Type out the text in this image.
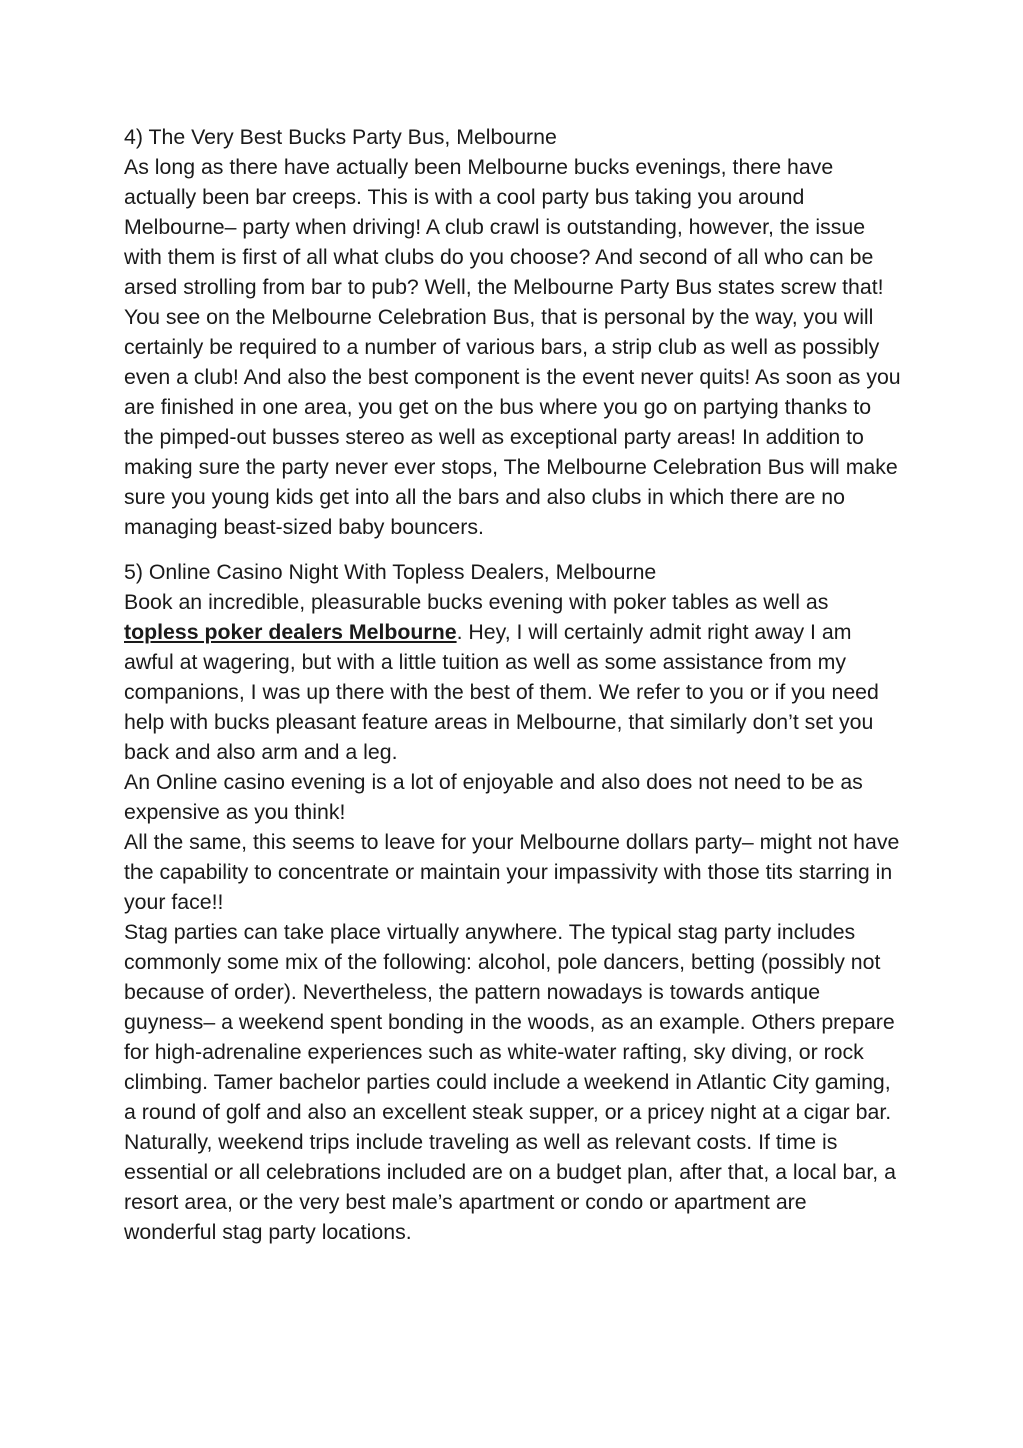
4) The Very Best Bucks Party Bus, Melbourne

As long as there have actually been Melbourne bucks evenings, there have actually been bar creeps. This is with a cool party bus taking you around Melbourne– party when driving! A club crawl is outstanding, however, the issue with them is first of all what clubs do you choose? And second of all who can be arsed strolling from bar to pub? Well, the Melbourne Party Bus states screw that! You see on the Melbourne Celebration Bus, that is personal by the way, you will certainly be required to a number of various bars, a strip club as well as possibly even a club! And also the best component is the event never quits! As soon as you are finished in one area, you get on the bus where you go on partying thanks to the pimped-out busses stereo as well as exceptional party areas! In addition to making sure the party never ever stops, The Melbourne Celebration Bus will make sure you young kids get into all the bars and also clubs in which there are no managing beast-sized baby bouncers.

5) Online Casino Night With Topless Dealers, Melbourne

Book an incredible, pleasurable bucks evening with poker tables as well as topless poker dealers Melbourne. Hey, I will certainly admit right away I am awful at wagering, but with a little tuition as well as some assistance from my companions, I was up there with the best of them. We refer to you or if you need help with bucks pleasant feature areas in Melbourne, that similarly don’t set you back and also arm and a leg.

An Online casino evening is a lot of enjoyable and also does not need to be as expensive as you think!

All the same, this seems to leave for your Melbourne dollars party– might not have the capability to concentrate or maintain your impassivity with those tits starring in your face!!

Stag parties can take place virtually anywhere. The typical stag party includes commonly some mix of the following: alcohol, pole dancers, betting (possibly not because of order). Nevertheless, the pattern nowadays is towards antique guyness– a weekend spent bonding in the woods, as an example. Others prepare for high-adrenaline experiences such as white-water rafting, sky diving, or rock climbing. Tamer bachelor parties could include a weekend in Atlantic City gaming, a round of golf and also an excellent steak supper, or a pricey night at a cigar bar. Naturally, weekend trips include traveling as well as relevant costs. If time is essential or all celebrations included are on a budget plan, after that, a local bar, a resort area, or the very best male’s apartment or condo or apartment are wonderful stag party locations.
